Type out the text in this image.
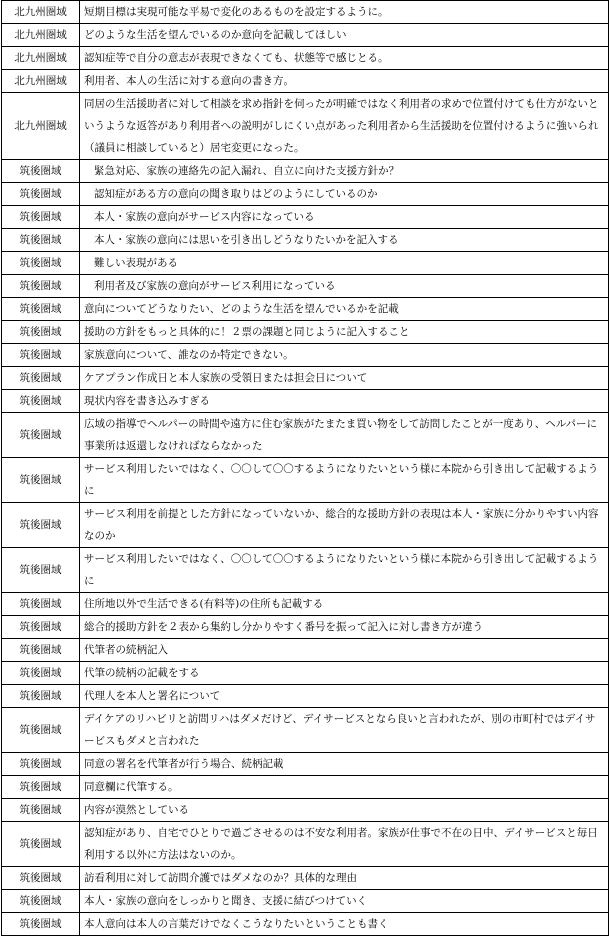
北九州圏域	短期目標は実現可能な平易で変化のあるものを設定するように。
北九州圏域	どのような生活を望んでいるのか意向を記載してほしい
北九州圏域	認知症等で自分の意志が表現できなくても、状態等で感じとる。
北九州圏域	利用者、本人の生活に対する意向の書き方。
北九州圏域	同居の生活援助者に対して相談を求め指針を伺ったが明確ではなく利用者の求めで位置付けても仕方がないというような返答があり利用者への説明がしにくい点があった利用者から生活援助を位置付けるように強いられ（議員に相談していると）居宅変更になった。
筑後圏域	緊急対応、家族の連絡先の記入漏れ、自立に向けた支援方針か？
筑後圏域	認知症がある方の意向の聞き取りはどのようにしているのか
筑後圏域	本人・家族の意向がサービス内容になっている
筑後圏域	本人・家族の意向には思いを引き出しどうなりたいかを記入する
筑後圏域	難しい表現がある
筑後圏域	利用者及び家族の意向がサービス利用になっている
筑後圏域	意向についてどうなりたい、どのような生活を望んでいるかを記載
筑後圏域	援助の方針をもっと具体的に！２票の課題と同じように記入すること
筑後圏域	家族意向について、誰なのか特定できない。
筑後圏域	ケアプラン作成日と本人家族の受領日または担会日について
筑後圏域	現状内容を書き込みすぎる
筑後圏域	広域の指導でヘルパーの時間や遠方に住む家族がたまたま買い物をして訪問したことが一度あり、ヘルパーに事業所は返還しなければならなかった
筑後圏域	サービス利用したいではなく、〇〇して〇〇するようになりたいという様に本院から引き出して記載するように
筑後圏域	サービス利用を前提とした方針になっていないか、総合的な援助方針の表現は本人・家族に分かりやすい内容なのか
筑後圏域	サービス利用したいではなく、〇〇して〇〇するようになりたいという様に本院から引き出して記載するように
筑後圏域	住所地以外で生活できる(有料等)の住所も記載する
筑後圏域	総合的援助方針を２表から集約し分かりやすく番号を振って記入に対し書き方が違う
筑後圏域	代筆者の続柄記入
筑後圏域	代筆の続柄の記載をする
筑後圏域	代理人を本人と署名について
筑後圏域	デイケアのリハビリと訪問リハはダメだけど、デイサービスとなら良いと言われたが、別の市町村ではデイサービスもダメと言われた
筑後圏域	同意の署名を代筆者が行う場合、続柄記載
筑後圏域	同意欄に代筆する。
筑後圏域	内容が漠然としている
筑後圏域	認知症があり、自宅でひとりで過ごさせるのは不安な利用者。家族が仕事で不在の日中、デイサービスと毎日利用する以外に方法はないのか。
筑後圏域	訪看利用に対して訪問介護ではダメなのか？具体的な理由
筑後圏域	本人・家族の意向をしっかりと聞き、支援に結びつけていく
筑後圏域	本人意向は本人の言葉だけでなくこうなりたいということも書く
